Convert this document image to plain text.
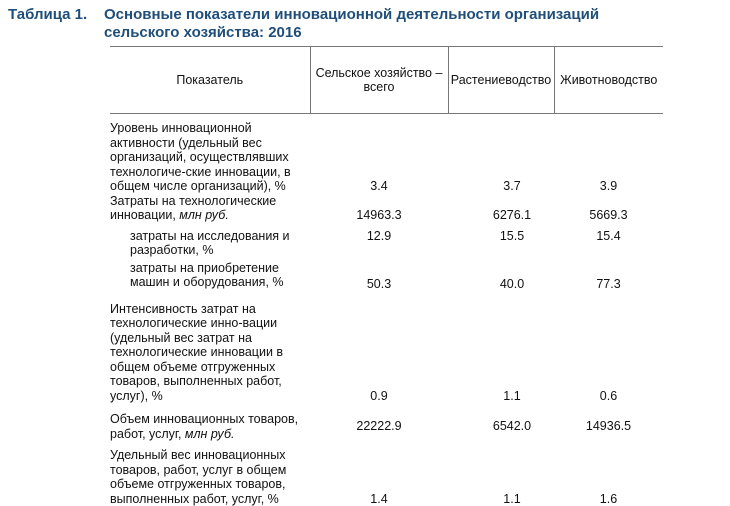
Таблица 1.	Основные показатели инновационной деятельности организаций
сельского хозяйства: 2016
Показатель	Сельское хозяйство – всего	Растениеводство	Животноводство

Уровень инновационной активности (удельный вес организаций, осуществлявших технологиче-ские инновации, в общем числе организаций), %	3.4	3.7	3.9
Затраты на технологические инновации, млн руб.	14963.3	6276.1	5669.3
затраты на исследования и разработки, %	12.9	15.5	15.4
затраты на приобретение машин и оборудования, %	50.3	40.0	77.3
Интенсивность затрат на технологические инно-вации (удельный вес затрат на технологические инновации в общем объеме отгруженных товаров, выполненных работ, услуг), %	0.9	1.1	0.6
Объем инновационных товаров, работ, услуг, млн руб.	22222.9	6542.0	14936.5
Удельный вес инновационных товаров, работ, услуг в общем объеме отгруженных товаров, выполненных работ, услуг, %	1.4	1.1	1.6
